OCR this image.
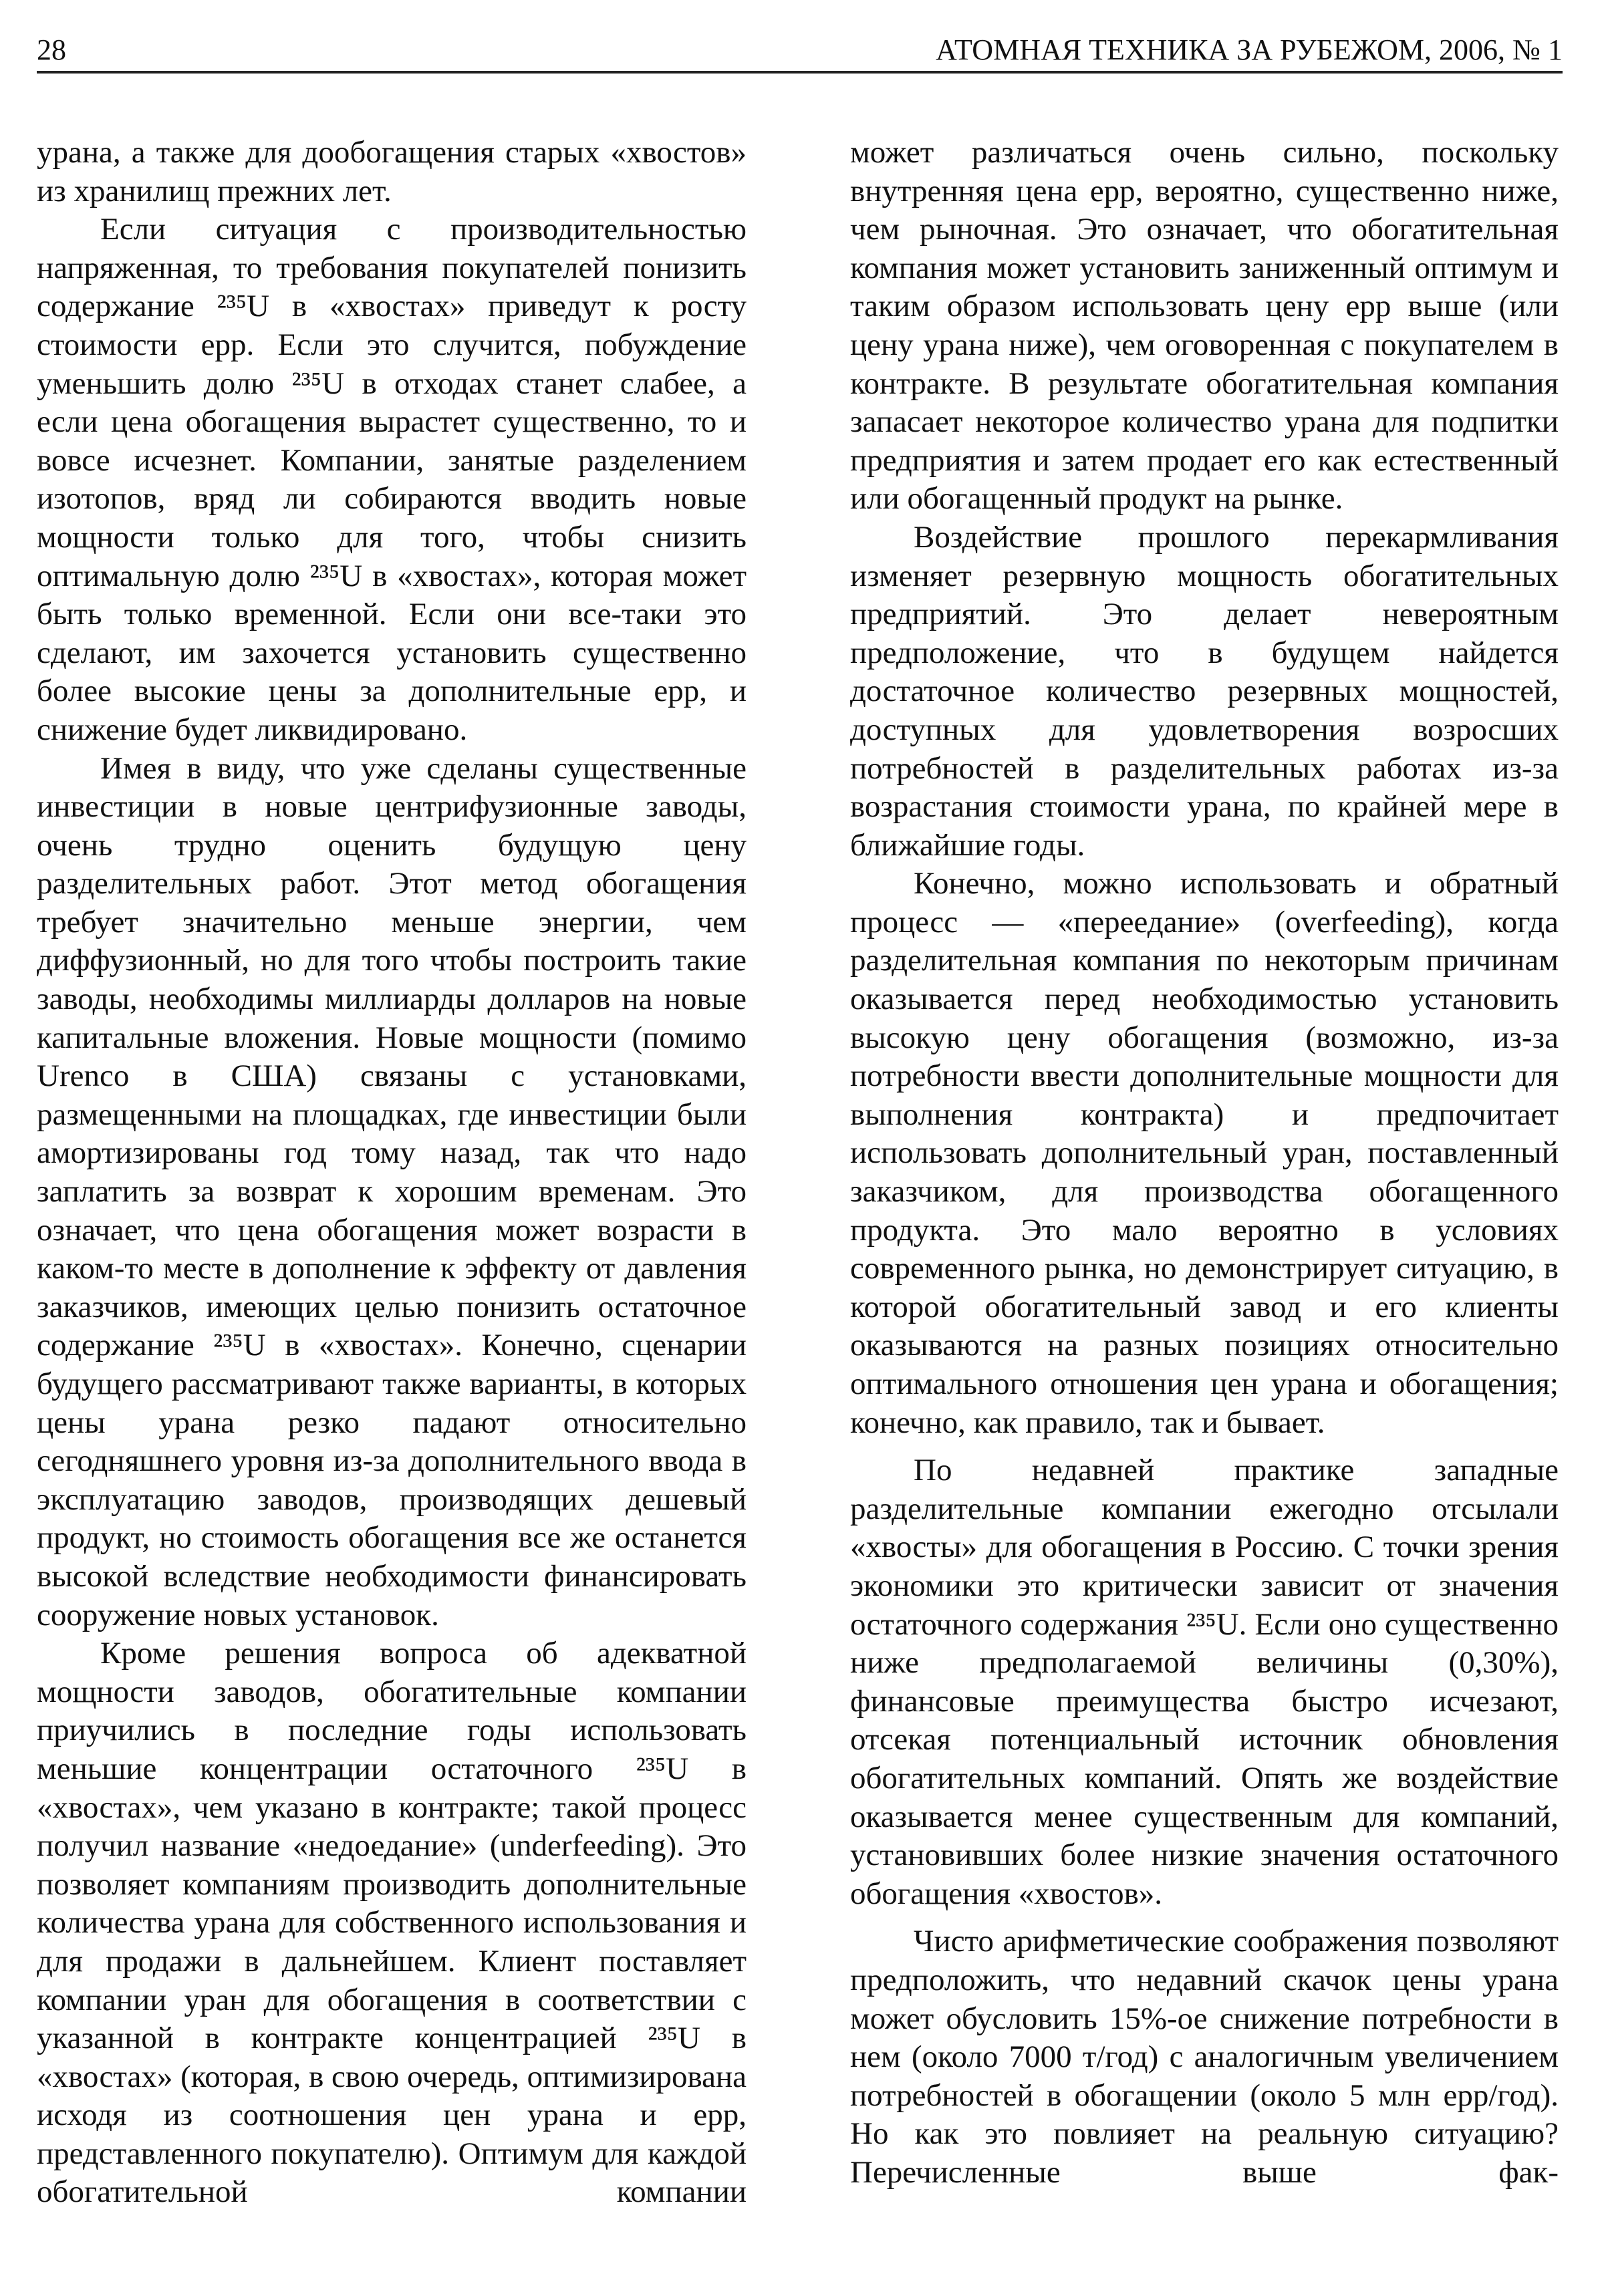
28	АТОМНАЯ ТЕХНИКА ЗА РУБЕЖОМ, 2006, № 1

урана, а также для дообогащения старых «хвостов» из хранилищ прежних лет.

Если ситуация с производительностью напряженная, то требования покупателей понизить содержание ²³⁵U в «хвостах» приведут к росту стоимости epp. Если это случится, побуждение уменьшить долю ²³⁵U в отходах станет слабее, а если цена обогащения вырастет существенно, то и вовсе исчезнет. Компании, занятые разделением изотопов, вряд ли собираются вводить новые мощности только для того, чтобы снизить оптимальную долю ²³⁵U в «хвостах», которая может быть только временной. Если они все-таки это сделают, им захочется установить существенно более высокие цены за дополнительные epp, и снижение будет ликвидировано.

Имея в виду, что уже сделаны существенные инвестиции в новые центрифузионные заводы, очень трудно оценить будущую цену разделительных работ. Этот метод обогащения требует значительно меньше энергии, чем диффузионный, но для того чтобы построить такие заводы, необходимы миллиарды долларов на новые капитальные вложения. Новые мощности (помимо Urenco в США) связаны с установками, размещенными на площадках, где инвестиции были амортизированы год тому назад, так что надо заплатить за возврат к хорошим временам. Это означает, что цена обогащения может возрасти в каком-то месте в дополнение к эффекту от давления заказчиков, имеющих целью понизить остаточное содержание ²³⁵U в «хвостах». Конечно, сценарии будущего рассматривают также варианты, в которых цены урана резко падают относительно сегодняшнего уровня из-за дополнительного ввода в эксплуатацию заводов, производящих дешевый продукт, но стоимость обогащения все же останется высокой вследствие необходимости финансировать сооружение новых установок.

Кроме решения вопроса об адекватной мощности заводов, обогатительные компании приучились в последние годы использовать меньшие концентрации остаточного ²³⁵U в «хвостах», чем указано в контракте; такой процесс получил название «недоедание» (underfeeding). Это позволяет компаниям производить дополнительные количества урана для собственного использования и для продажи в дальнейшем. Клиент поставляет компании уран для обогащения в соответствии с указанной в контракте концентрацией ²³⁵U в «хвостах» (которая, в свою очередь, оптимизирована исходя из соотношения цен урана и epp, представленного покупателю). Оптимум для каждой обогатительной компании

может различаться очень сильно, поскольку внутренняя цена epp, вероятно, существенно ниже, чем рыночная. Это означает, что обогатительная компания может установить заниженный оптимум и таким образом использовать цену epp выше (или цену урана ниже), чем оговоренная с покупателем в контракте. В результате обогатительная компания запасает некоторое количество урана для подпитки предприятия и затем продает его как естественный или обогащенный продукт на рынке.

Воздействие прошлого перекармливания изменяет резервную мощность обогатительных предприятий. Это делает невероятным предположение, что в будущем найдется достаточное количество резервных мощностей, доступных для удовлетворения возросших потребностей в разделительных работах из-за возрастания стоимости урана, по крайней мере в ближайшие годы.

Конечно, можно использовать и обратный процесс — «переедание» (overfeeding), когда разделительная компания по некоторым причинам оказывается перед необходимостью установить высокую цену обогащения (возможно, из-за потребности ввести дополнительные мощности для выполнения контракта) и предпочитает использовать дополнительный уран, поставленный заказчиком, для производства обогащенного продукта. Это мало вероятно в условиях современного рынка, но демонстрирует ситуацию, в которой обогатительный завод и его клиенты оказываются на разных позициях относительно оптимального отношения цен урана и обогащения; конечно, как правило, так и бывает.

По недавней практике западные разделительные компании ежегодно отсылали «хвосты» для обогащения в Россию. С точки зрения экономики это критически зависит от значения остаточного содержания ²³⁵U. Если оно существенно ниже предполагаемой величины (0,30%), финансовые преимущества быстро исчезают, отсекая потенциальный источник обновления обогатительных компаний. Опять же воздействие оказывается менее существенным для компаний, установивших более низкие значения остаточного обогащения «хвостов».

Чисто арифметические соображения позволяют предположить, что недавний скачок цены урана может обусловить 15%-ое снижение потребности в нем (около 7000 т/год) с аналогичным увеличением потребностей в обогащении (около 5 млн epp/год). Но как это повлияет на реальную ситуацию? Перечисленные выше фак-
